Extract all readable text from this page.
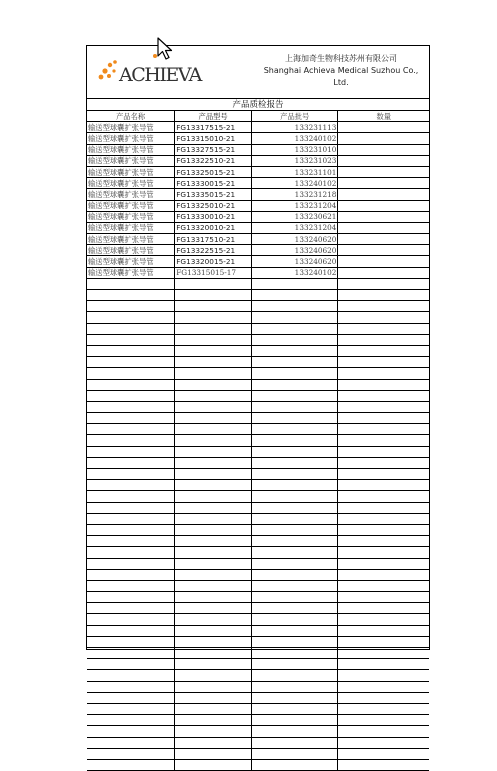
ACHIEVA
上海加奇生物科技苏州有限公司
Shanghai Achieva Medical Suzhou Co.,
Ltd.
产品质检报告
产品名称	产品型号	产品批号	数量
输送型球囊扩张导管	FG13317515-21	133231113	
输送型球囊扩张导管	FG13315010-21	133240102	
输送型球囊扩张导管	FG13327515-21	133231010	
输送型球囊扩张导管	FG13322510-21	133231023	
输送型球囊扩张导管	FG13325015-21	133231101	
输送型球囊扩张导管	FG13330015-21	133240102	
输送型球囊扩张导管	FG13335015-21	133231218	
输送型球囊扩张导管	FG13325010-21	133231204	
输送型球囊扩张导管	FG13330010-21	133230621	
输送型球囊扩张导管	FG13320010-21	133231204	
输送型球囊扩张导管	FG13317510-21	133240620	
输送型球囊扩张导管	FG13322515-21	133240620	
输送型球囊扩张导管	FG13320015-21	133240620	
输送型球囊扩张导管	FG13315015-17	133240102	
